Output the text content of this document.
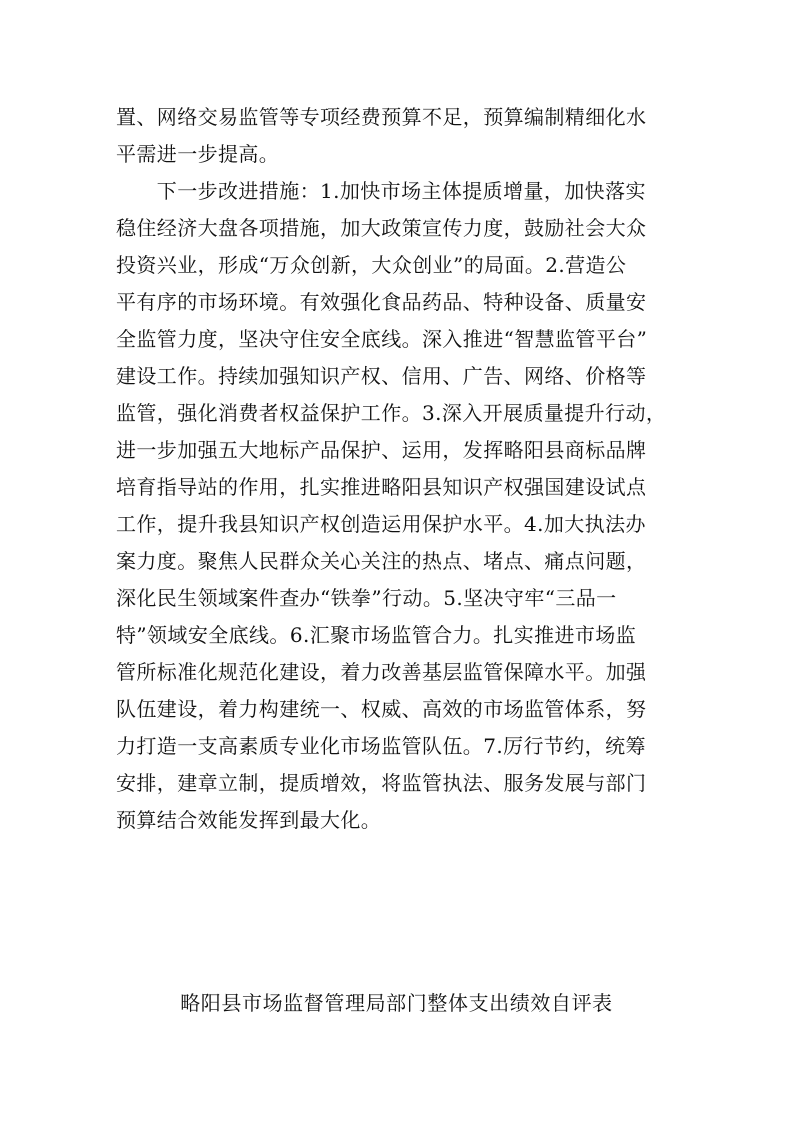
置、网络交易监管等专项经费预算不足，预算编制精细化水
平需进一步提高。
　　下一步改进措施：1.加快市场主体提质增量，加快落实
稳住经济大盘各项措施，加大政策宣传力度，鼓励社会大众
投资兴业，形成“万众创新，大众创业”的局面。2.营造公
平有序的市场环境。有效强化食品药品、特种设备、质量安
全监管力度，坚决守住安全底线。深入推进“智慧监管平台”
建设工作。持续加强知识产权、信用、广告、网络、价格等
监管，强化消费者权益保护工作。3.深入开展质量提升行动，
进一步加强五大地标产品保护、运用，发挥略阳县商标品牌
培育指导站的作用，扎实推进略阳县知识产权强国建设试点
工作，提升我县知识产权创造运用保护水平。4.加大执法办
案力度。聚焦人民群众关心关注的热点、堵点、痛点问题，
深化民生领域案件查办“铁拳”行动。5.坚决守牢“三品一
特”领域安全底线。6.汇聚市场监管合力。扎实推进市场监
管所标准化规范化建设，着力改善基层监管保障水平。加强
队伍建设，着力构建统一、权威、高效的市场监管体系，努
力打造一支高素质专业化市场监管队伍。7.厉行节约，统筹
安排，建章立制，提质增效，将监管执法、服务发展与部门
预算结合效能发挥到最大化。
略阳县市场监督管理局部门整体支出绩效自评表
